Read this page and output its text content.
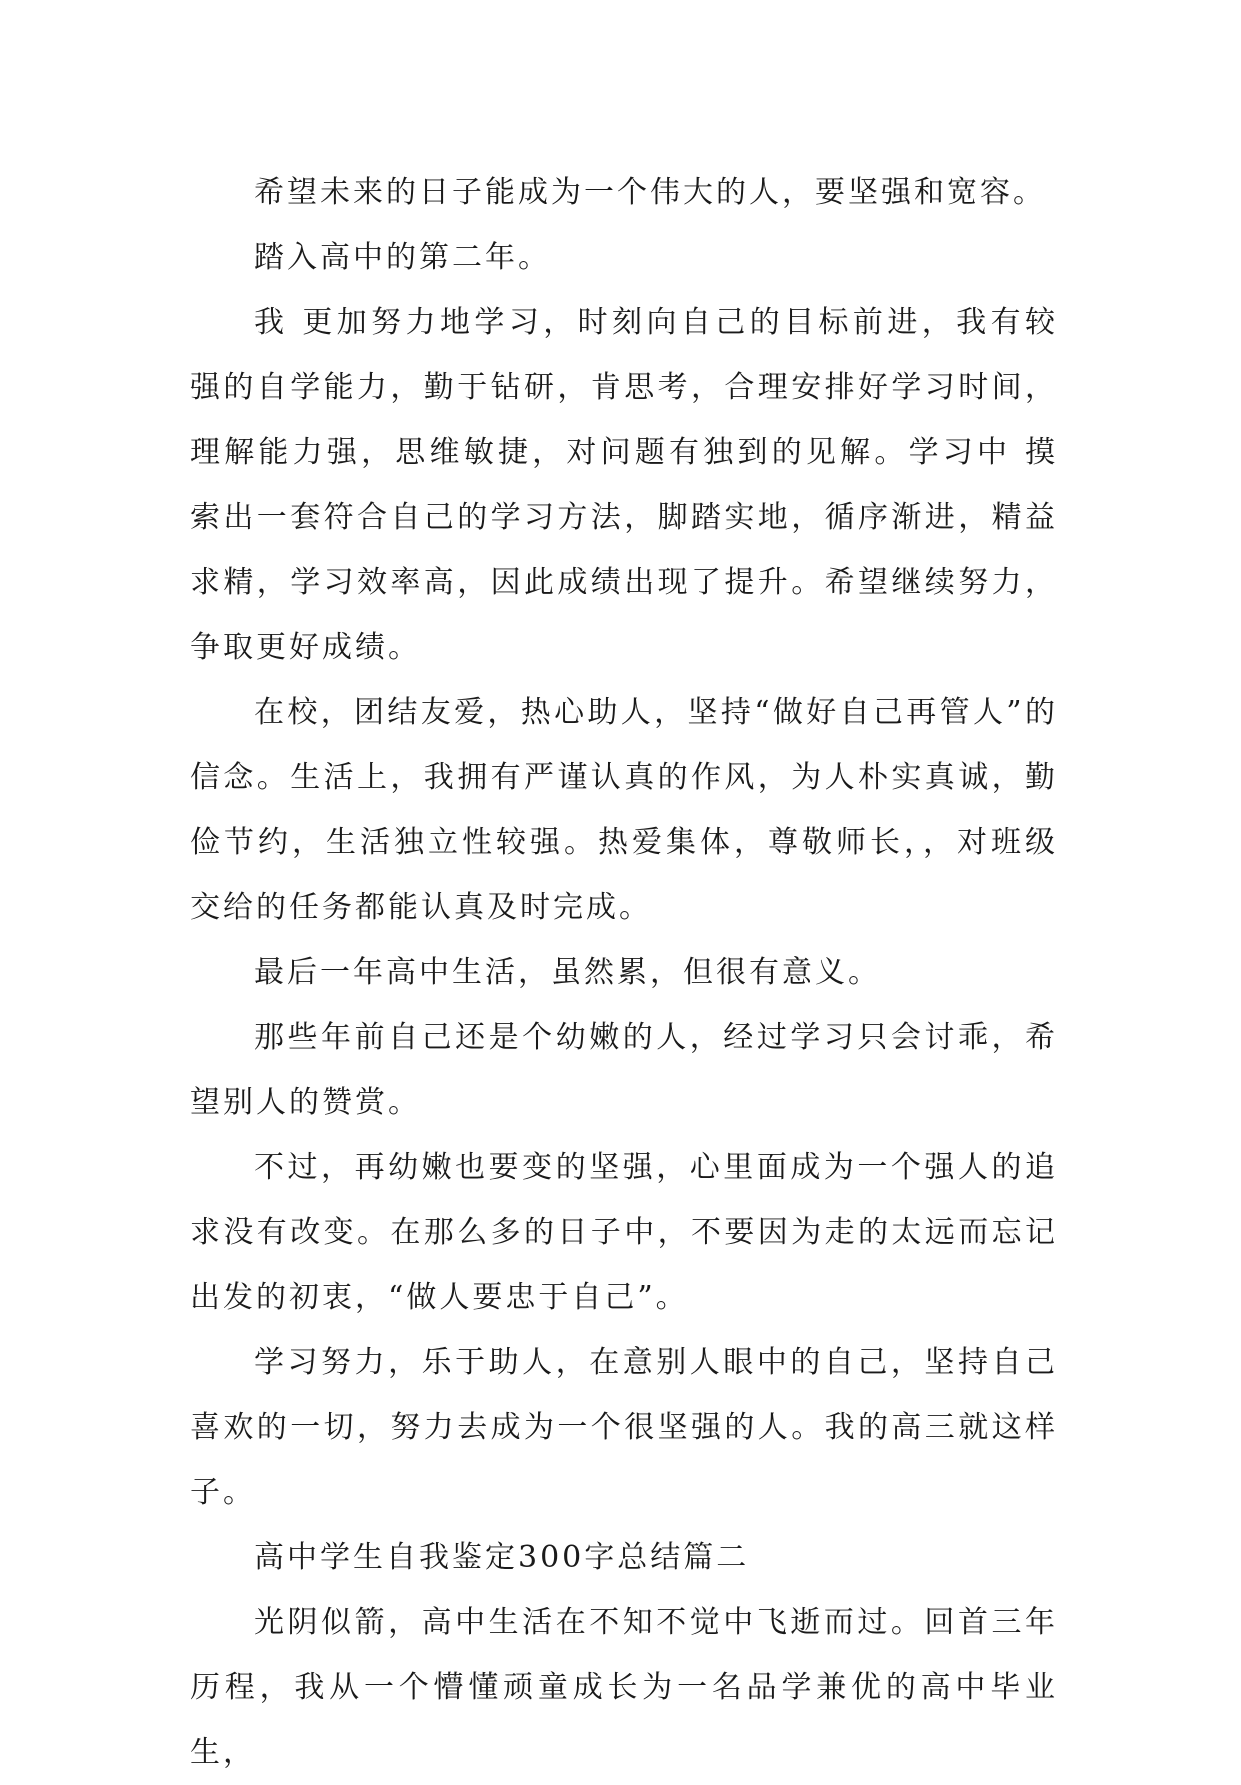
希望未来的日子能成为一个伟大的人，要坚强和宽容。

踏入高中的第二年。

我 更加努力地学习，时刻向自己的目标前进，我有较强的自学能力，勤于钻研，肯思考，合理安排好学习时间，理解能力强，思维敏捷，对问题有独到的见解。学习中 摸索出一套符合自己的学习方法，脚踏实地，循序渐进，精益求精，学习效率高，因此成绩出现了提升。希望继续努力，争取更好成绩。

在校，团结友爱，热心助人，坚持“做好自己再管人”的信念。生活上，我拥有严谨认真的作风，为人朴实真诚，勤俭节约，生活独立性较强。热爱集体，尊敬师长，，对班级交给的任务都能认真及时完成。

最后一年高中生活，虽然累，但很有意义。

那些年前自己还是个幼嫩的人，经过学习只会讨乖，希望别人的赞赏。

不过，再幼嫩也要变的坚强，心里面成为一个强人的追求没有改变。在那么多的日子中，不要因为走的太远而忘记出发的初衷，“做人要忠于自己”。

学习努力，乐于助人，在意别人眼中的自己，坚持自己喜欢的一切，努力去成为一个很坚强的人。我的高三就这样子。

高中学生自我鉴定300字总结篇二

光阴似箭，高中生活在不知不觉中飞逝而过。回首三年历程，我从一个懵懂顽童成长为一名品学兼优的高中毕业生，
